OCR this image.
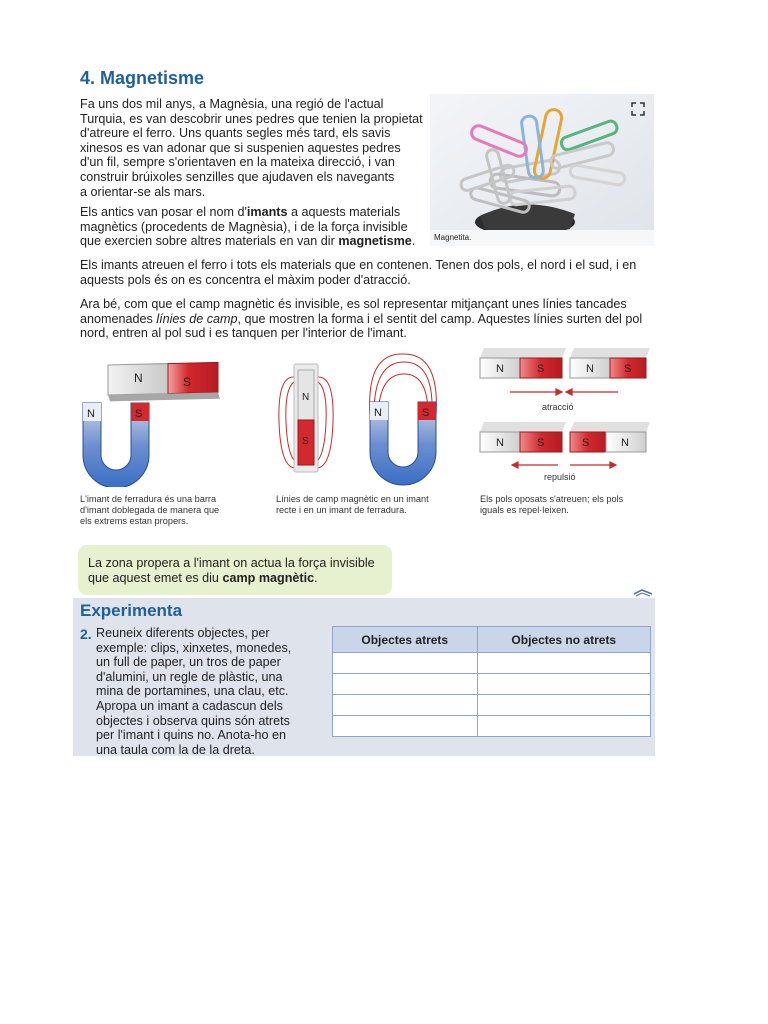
4. Magnetisme
Fa uns dos mil anys, a Magnèsia, una regió de l'actual
Turquia, es van descobrir unes pedres que tenien la propietat
d'atreure el ferro. Uns quants segles més tard, els savis
xinesos es van adonar que si suspenien aquestes pedres
d'un fil, sempre s'orientaven en la mateixa direcció, i van
construir brúixoles senzilles que ajudaven els navegants
a orientar-se als mars.
Els antics van posar el nom d'imants a aquests materials
magnètics (procedents de Magnèsia), i de la força invisible
que exercien sobre altres materials en van dir magnetisme.	Magnetita.
Els imants atreuen el ferro i tots els materials que en contenen. Tenen dos pols, el nord i el sud, i en
aquests pols és on es concentra el màxim poder d'atracció.
Ara bé, com que el camp magnètic és invisible, es sol representar mitjançant unes línies tancades
anomenades línies de camp, que mostren la forma i el sentit del camp. Aquestes línies surten del pol
nord, entren al pol sud i es tanquen per l'interior de l'imant.
N	S
N	S
N
S
N	S
N	S	N	S
atracció
N	S	S	N
repulsió
L'imant de ferradura és una barra
d'imant doblegada de manera que
els extrems estan propers.
Línies de camp magnètic en un imant
recte i en un imant de ferradura.
Els pols oposats s'atreuen; els pols
iguals es repel·leixen.
La zona propera a l'imant on actua la força invisible
que aquest emet es diu camp magnètic.
Experimenta
2. Reuneix diferents objectes, per
exemple: clips, xinxetes, monedes,
un full de paper, un tros de paper
d'alumini, un regle de plàstic, una
mina de portamines, una clau, etc.
Apropa un imant a cadascun dels
objectes i observa quins són atrets
per l'imant i quins no. Anota-ho en
una taula com la de la dreta.
Objectes atrets	Objectes no atrets
